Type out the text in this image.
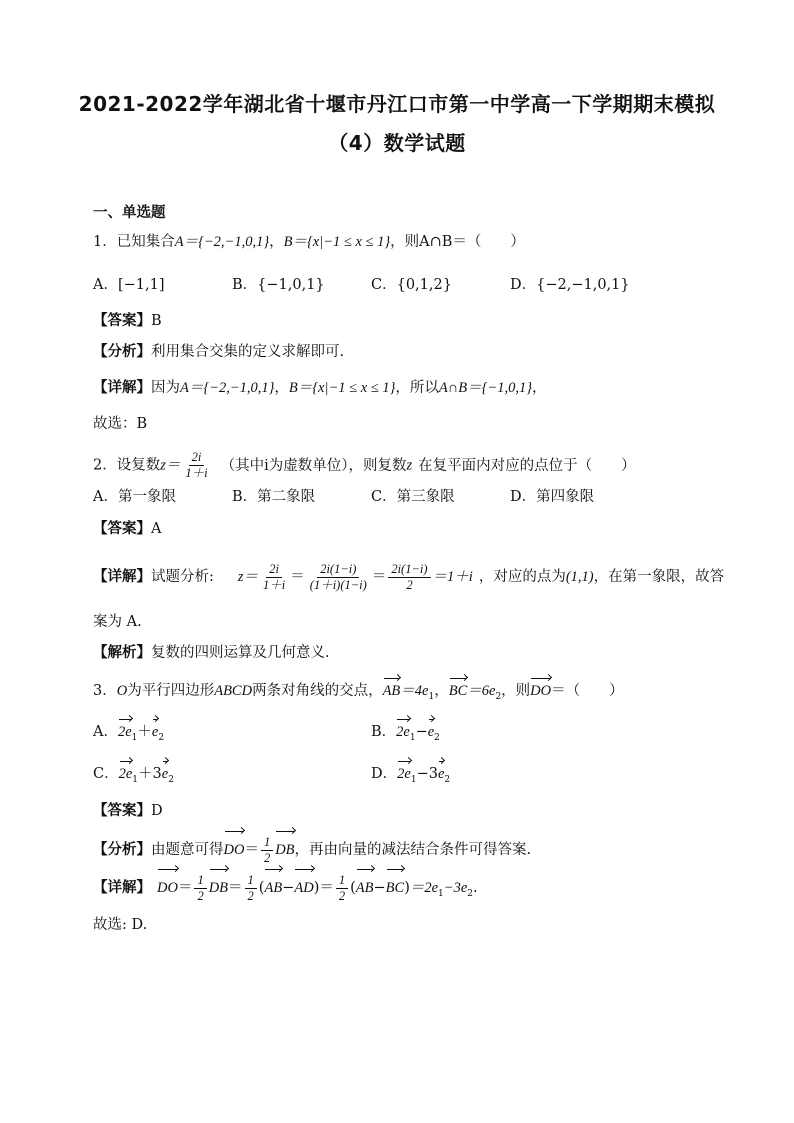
2021-2022学年湖北省十堰市丹江口市第一中学高一下学期期末模拟
（4）数学试题
一、单选题
1．已知集合A＝{−2,−1,0,1}，B＝{x|−1 ≤ x ≤ 1}，则A∩B＝（　　）
A．[−1,1]	B．{−1,0,1}	C．{0,1,2}	D．{−2,−1,0,1}
【答案】B
【分析】利用集合交集的定义求解即可.
【详解】因为A＝{−2,−1,0,1}，B＝{x|−1 ≤ x ≤ 1}，所以A∩B＝{−1,0,1}，
故选：B
2．设复数$z= \frac{2i}{1+i}$ （其中i为虚数单位），则复数z 在复平面内对应的点位于（　　）
A．第一象限	B．第二象限	C．第三象限	D．第四象限
【答案】A
【详解】试题分析: $z= \frac{2i}{1+i} = \frac{2i(1-i)}{(1+i)(1-i)} = \frac{2i(1-i)}{2} =1+i$ ，对应的点为(1,1)，在第一象限，故答
案为 A.
【解析】复数的四则运算及几何意义.
3．O为平行四边形ABCD两条对角线的交点，$AB=4e_1$，$BC=6e_2$，则DO＝（　　）
A．$2e_1+e_2$	B．$2e_1-e_2$
C．$2e_1+3e_2$	D．$2e_1-3e_2$
【答案】D
【分析】由题意可得$DO= \frac{1}{2}$ DB，再由向量的减法结合条件可得答案.
【详解】 $DO= \frac{1}{2} DB= \frac{1}{2} (AB-AD)= \frac{1}{2} (AB-BC)=2e_1-3e_2$.
故选: D.
